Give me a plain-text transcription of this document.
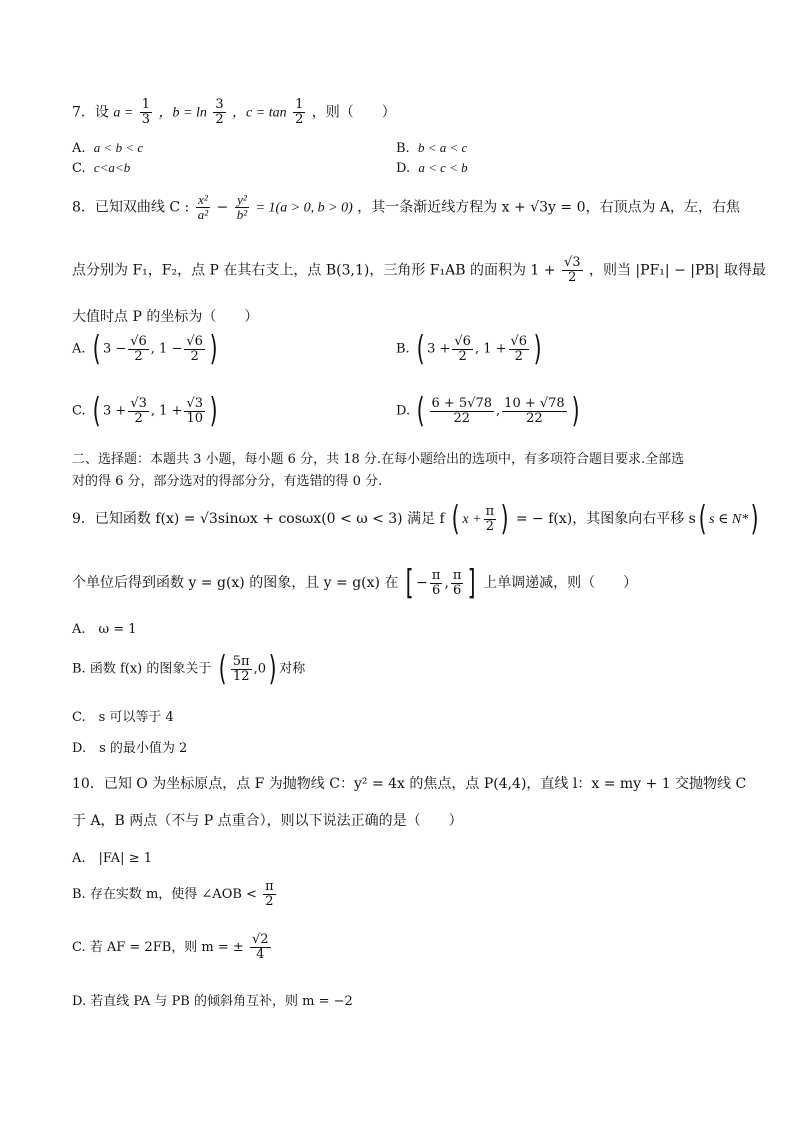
7．设 $a = \frac{1}{3}$ ，$b = \ln \frac{3}{2}$ ，$c = \tan \frac{1}{2}$ ，则（　　）
A. a < b < c	B. b < a < c
C. c<a<b	D. a < c < b
8．已知双曲线 C : $\frac{\text{x²}}{\text{a²}} - \frac{\text{y²}}{\text{b²}} = 1(a > 0$, b > 0) ，其一条渐近线方程为 x + √3y = 0，右顶点为 A，左，右焦
点分别为 F₁，F₂，点 P 在其右支上，点 B(3,1)，三角形 F₁AB 的面积为 $1 + \frac{√3}{2}$ ，则当 |PF₁| − |PB| 取得最
大值时点 P 的坐标为（　　）
A. ( $3 - \frac{√6}{2}$ , $1 - \frac{√6}{2}$ )	B. ( $3 + \frac{√6}{2}$ , $1 + \frac{√6}{2}$ )
C. ( $3 + \frac{√3}{2}$ , $1 + \frac{√3}{10}$ )	D. ( $\frac{6 + 5√78}{22}$ , $\frac{10 + √78}{22}$ )
二、选择题：本题共 3 小题，每小题 6 分，共 18 分.在每小题给出的选项中，有多项符合题目要求.全部选
对的得 6 分，部分选对的得部分分，有选错的得 0 分.
9．已知函数 f(x) = √3sinωx + cosωx(0 < ω < 3) 满足 f ( $x + \frac{\pi}{2}$ ) = − f(x)，其图象向右平移 s( s ∈ N*)
个单位后得到函数 y = g(x) 的图象，且 y = g(x) 在 [ − $\frac{\pi}{6}$ , $\frac{\pi}{6}$ ] 上单调递减，则（　　）
A.　ω = 1
B. 函数 f(x) 的图象关于 ( $\frac{5\pi}{12} ,0$) 对称
C.　s 可以等于 4
D.　s 的最小值为 2
10．已知 O 为坐标原点，点 F 为抛物线 C：y² = 4x 的焦点，点 P(4,4)，直线 l：x = my + 1 交抛物线 C
于 A，B 两点（不与 P 点重合），则以下说法正确的是（　　）
A.　|FA| ≥ 1
B. 存在实数 m，使得 ∠AOB < $\frac{\pi}{2}$
C. 若 AF = 2FB，则 m = ± $\frac{√2}{4}$
D. 若直线 PA 与 PB 的倾斜角互补，则 m = −2
